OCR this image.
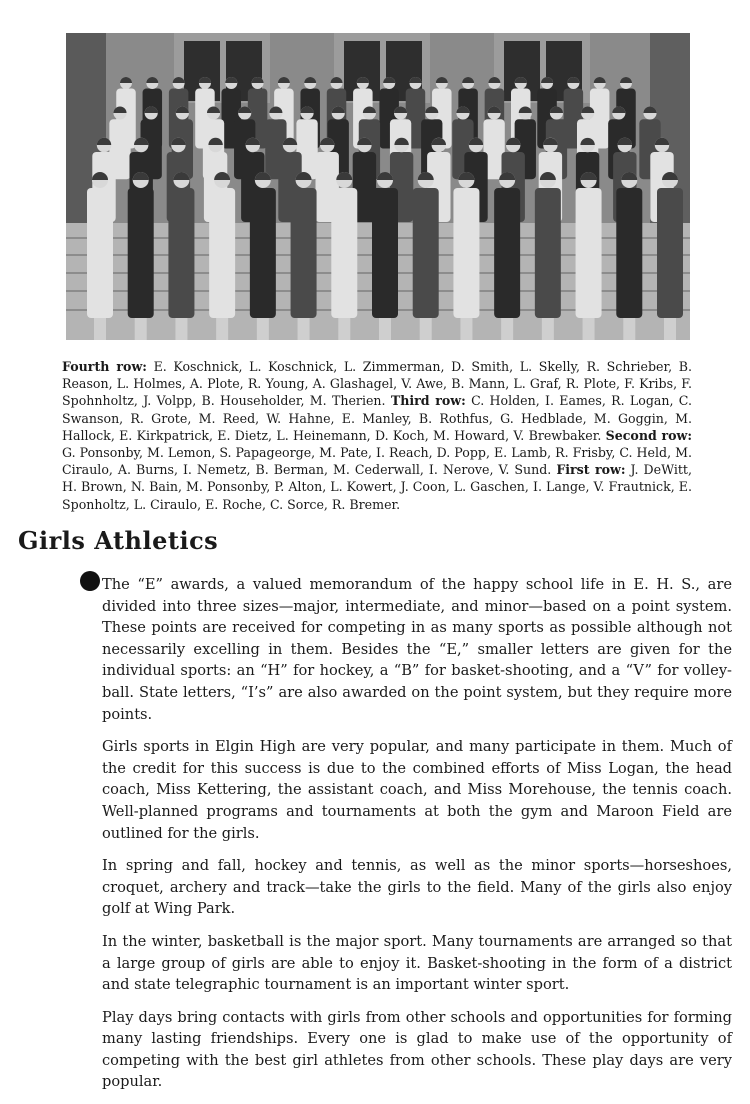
Fourth row: E. Koschnick, L. Koschnick, L. Zimmerman, D. Smith, L. Skelly, R. Schrieber, B. Reason, L. Holmes, A. Plote, R. Young, A. Glashagel, V. Awe, B. Mann, L. Graf, R. Plote, F. Kribs, F. Spohnholtz, J. Volpp, B. Householder, M. Therien. Third row: C. Holden, I. Eames, R. Logan, C. Swanson, R. Grote, M. Reed, W. Hahne, E. Manley, B. Rothfus, G. Hedblade, M. Goggin, M. Hallock, E. Kirkpatrick, E. Dietz, L. Heinemann, D. Koch, M. Howard, V. Brewbaker. Second row: G. Ponsonby, M. Lemon, S. Papageorge, M. Pate, I. Reach, D. Popp, E. Lamb, R. Frisby, C. Held, M. Ciraulo, A. Burns, I. Nemetz, B. Berman, M. Cederwall, I. Nerove, V. Sund. First row: J. DeWitt, H. Brown, N. Bain, M. Ponsonby, P. Alton, L. Kowert, J. Coon, L. Gaschen, I. Lange, V. Frautnick, E. Sponholtz, L. Ciraulo, E. Roche, C. Sorce, R. Bremer.
Girls Athletics

The “E” awards, a valued memorandum of the happy school life in E. H. S., are divided into three sizes—major, intermediate, and minor—based on a point system. These points are received for competing in as many sports as possible although not necessarily excelling in them. Besides the “E,” smaller letters are given for the individual sports: an “H” for hockey, a “B” for basket-shooting, and a “V” for volley-ball. State letters, “I’s” are also awarded on the point system, but they require more points.

Girls sports in Elgin High are very popular, and many participate in them. Much of the credit for this success is due to the combined efforts of Miss Logan, the head coach, Miss Kettering, the assistant coach, and Miss Morehouse, the tennis coach. Well-planned programs and tournaments at both the gym and Maroon Field are outlined for the girls.

In spring and fall, hockey and tennis, as well as the minor sports—horseshoes, croquet, archery and track—take the girls to the field. Many of the girls also enjoy golf at Wing Park.

In the winter, basketball is the major sport. Many tournaments are arranged so that a large group of girls are able to enjoy it. Basket-shooting in the form of a district and state telegraphic tournament is an important winter sport.

Play days bring contacts with girls from other schools and opportunities for forming many lasting friendships. Every one is glad to make use of the opportunity of competing with the best girl athletes from other schools. These play days are very popular.
